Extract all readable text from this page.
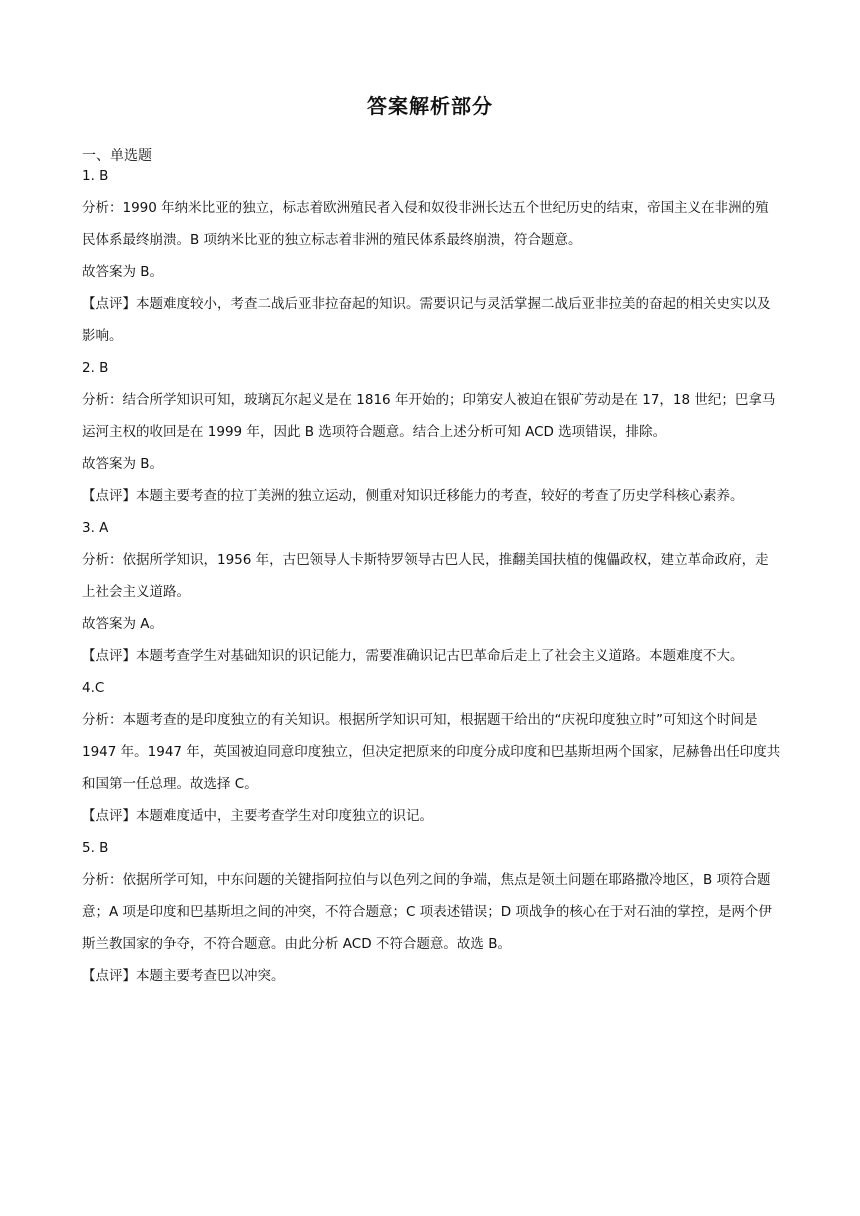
答案解析部分
一、单选题

1. B

分析：1990 年纳米比亚的独立，标志着欧洲殖民者入侵和奴役非洲长达五个世纪历史的结束，帝国主义在非洲的殖民体系最终崩溃。B 项纳米比亚的独立标志着非洲的殖民体系最终崩溃，符合题意。

故答案为 B。

【点评】本题难度较小，考查二战后亚非拉奋起的知识。需要识记与灵活掌握二战后亚非拉美的奋起的相关史实以及影响。

2. B

分析：结合所学知识可知，玻璃瓦尔起义是在 1816 年开始的；印第安人被迫在银矿劳动是在 17，18 世纪；巴拿马运河主权的收回是在 1999 年，因此 B 选项符合题意。结合上述分析可知 ACD 选项错误，排除。

故答案为 B。

【点评】本题主要考查的拉丁美洲的独立运动，侧重对知识迁移能力的考查，较好的考查了历史学科核心素养。

3. A

分析：依据所学知识，1956 年，古巴领导人卡斯特罗领导古巴人民，推翻美国扶植的傀儡政权，建立革命政府，走上社会主义道路。

故答案为 A。

【点评】本题考查学生对基础知识的识记能力，需要准确识记古巴革命后走上了社会主义道路。本题难度不大。

4.C

分析：本题考查的是印度独立的有关知识。根据所学知识可知，根据题干给出的“庆祝印度独立时”可知这个时间是 1947 年。1947 年，英国被迫同意印度独立，但决定把原来的印度分成印度和巴基斯坦两个国家，尼赫鲁出任印度共和国第一任总理。故选择 C。

【点评】本题难度适中，主要考查学生对印度独立的识记。

5. B

分析：依据所学可知，中东问题的关键指阿拉伯与以色列之间的争端，焦点是领土问题在耶路撒冷地区，B 项符合题意；A 项是印度和巴基斯坦之间的冲突，不符合题意；C 项表述错误；D 项战争的核心在于对石油的掌控，是两个伊斯兰教国家的争夺，不符合题意。由此分析 ACD 不符合题意。故选 B。

【点评】本题主要考查巴以冲突。
